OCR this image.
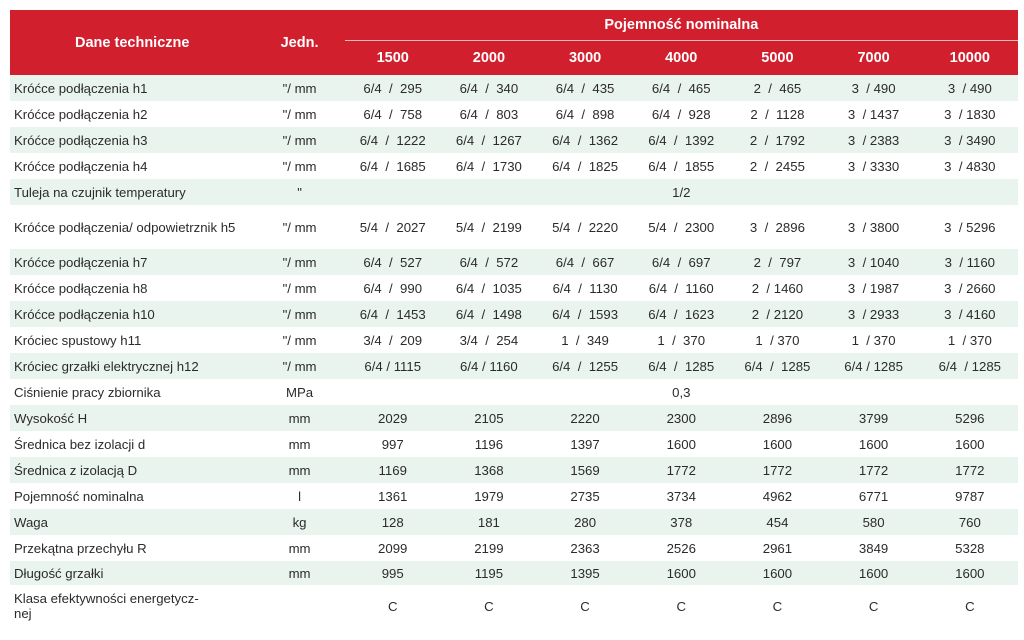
Dane techniczne	Jedn.	Pojemność nominalna						
		1500	2000	3000	4000	5000	7000	10000
Króćce podłączenia h1	"/ mm	6/4  /  295	6/4  /  340	6/4  /  435	6/4  /  465	2  /  465	3  / 490	3  / 490
Króćce podłączenia h2	"/ mm	6/4  /  758	6/4  /  803	6/4  /  898	6/4  /  928	2  /  1128	3  / 1437	3  / 1830
Króćce podłączenia h3	"/ mm	6/4  /  1222	6/4  /  1267	6/4  /  1362	6/4  /  1392	2  /  1792	3  / 2383	3  / 3490
Króćce podłączenia h4	"/ mm	6/4  /  1685	6/4  /  1730	6/4  /  1825	6/4  /  1855	2  /  2455	3  / 3330	3  / 4830
Tuleja na czujnik temperatury	"	1/2						
Króćce podłączenia/ odpowietrznik h5	"/ mm	5/4  /  2027	5/4  /  2199	5/4  /  2220	5/4  /  2300	3  /  2896	3  / 3800	3  / 5296
Króćce podłączenia h7	"/ mm	6/4  /  527	6/4  /  572	6/4  /  667	6/4  /  697	2  /  797	3  / 1040	3  / 1160
Króćce podłączenia h8	"/ mm	6/4  /  990	6/4  /  1035	6/4  /  1130	6/4  /  1160	2  / 1460	3  / 1987	3  / 2660
Króćce podłączenia h10	"/ mm	6/4  /  1453	6/4  /  1498	6/4  /  1593	6/4  /  1623	2  / 2120	3  / 2933	3  / 4160
Króciec spustowy h11	"/ mm	3/4  /  209	3/4  /  254	1  /  349	1  /  370	1  / 370	1  / 370	1  / 370
Króciec grzałki elektrycznej h12	"/ mm	6/4 / 1115	6/4 / 1160	6/4  /  1255	6/4  /  1285	6/4  /  1285	6/4 / 1285	6/4  / 1285
Ciśnienie pracy zbiornika	MPa	0,3						
Wysokość H	mm	2029	2105	2220	2300	2896	3799	5296
Średnica bez izolacji d	mm	997	1196	1397	1600	1600	1600	1600
Średnica z izolacją D	mm	1169	1368	1569	1772	1772	1772	1772
Pojemność nominalna	l	1361	1979	2735	3734	4962	6771	9787
Waga	kg	128	181	280	378	454	580	760
Przekątna przechyłu R	mm	2099	2199	2363	2526	2961	3849	5328
Długość grzałki	mm	995	1195	1395	1600	1600	1600	1600
Klasa efektywności energetycz-
nej		C	C	C	C	C	C	C
